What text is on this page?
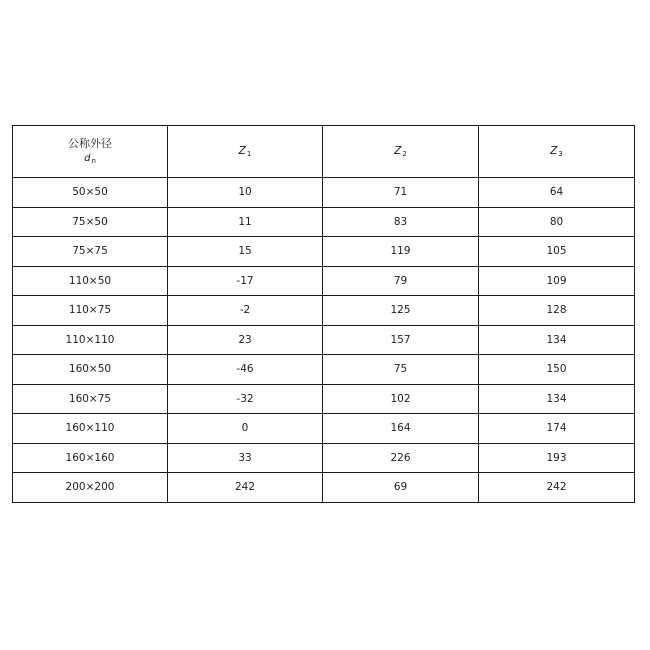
公称外径
$d_n$	$Z_1$	$Z_2$	$Z_3$
50×50	10	71	64
75×50	11	83	80
75×75	15	119	105
110×50	-17	79	109
110×75	-2	125	128
110×110	23	157	134
160×50	-46	75	150
160×75	-32	102	134
160×110	0	164	174
160×160	33	226	193
200×200	242	69	242
